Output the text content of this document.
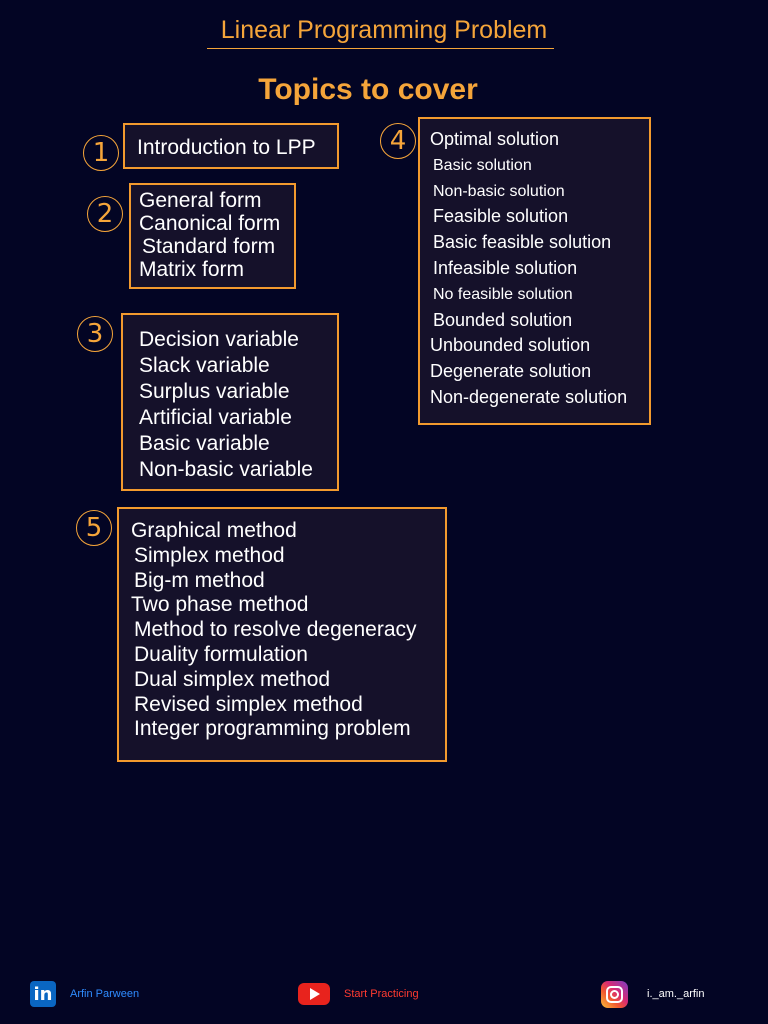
Linear Programming Problem
Topics to cover
1	Introduction to LPP
2	General form
Canonical form
Standard form
Matrix form
3	Decision variable
Slack variable
Surplus variable
Artificial variable
Basic variable
Non-basic variable
4	Optimal solution
Basic solution
Non-basic solution
Feasible solution
Basic feasible solution
Infeasible solution
No feasible solution
Bounded solution
Unbounded solution
Degenerate solution
Non-degenerate solution
5	Graphical method
Simplex method
Big-m method
Two phase method
Method to resolve degeneracy
Duality formulation
Dual simplex method
Revised simplex method
Integer programming problem
in	Arfin Parween	Start Practicing	i._am._arfin
